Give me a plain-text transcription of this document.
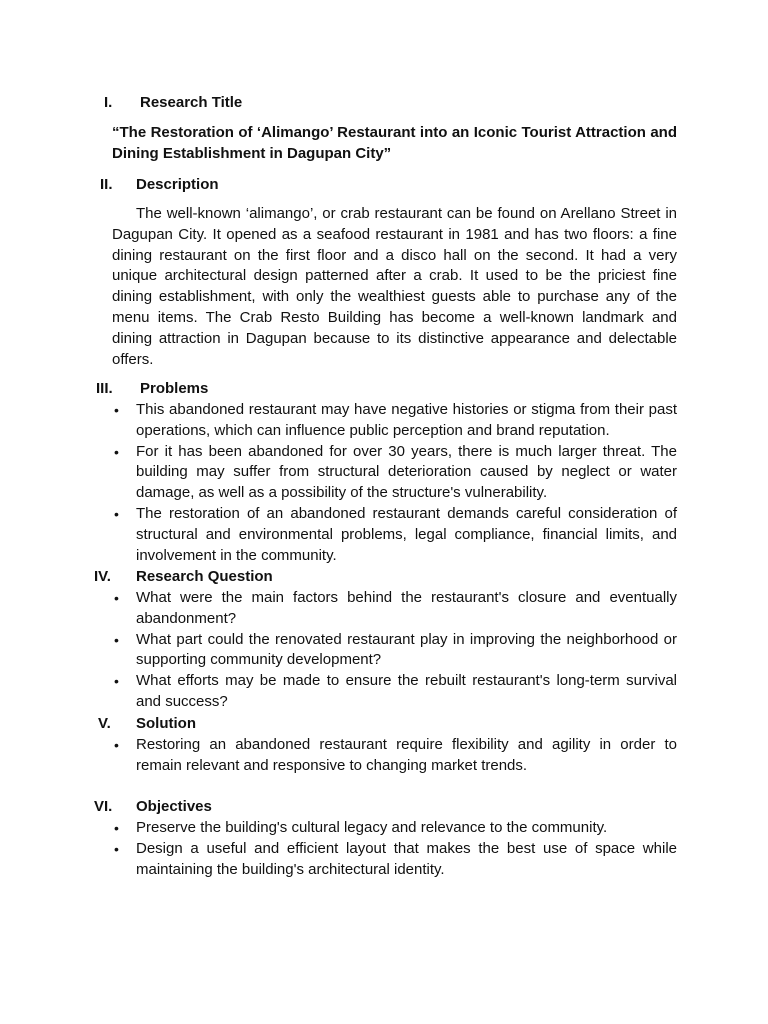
I. Research Title
“The Restoration of ‘Alimango’ Restaurant into an Iconic Tourist Attraction and Dining Establishment in Dagupan City”
II. Description

The well-known ‘alimango’, or crab restaurant can be found on Arellano Street in Dagupan City. It opened as a seafood restaurant in 1981 and has two floors: a fine dining restaurant on the first floor and a disco hall on the second. It had a very unique architectural design patterned after a crab. It used to be the priciest fine dining establishment, with only the wealthiest guests able to purchase any of the menu items. The Crab Resto Building has become a well-known landmark and dining attraction in Dagupan because to its distinctive appearance and delectable offers.

III. Problems
• This abandoned restaurant may have negative histories or stigma from their past operations, which can influence public perception and brand reputation.
• For it has been abandoned for over 30 years, there is much larger threat. The building may suffer from structural deterioration caused by neglect or water damage, as well as a possibility of the structure's vulnerability.
• The restoration of an abandoned restaurant demands careful consideration of structural and environmental problems, legal compliance, financial limits, and involvement in the community.
IV. Research Question
• What were the main factors behind the restaurant's closure and eventually abandonment?
• What part could the renovated restaurant play in improving the neighborhood or supporting community development?
• What efforts may be made to ensure the rebuilt restaurant's long-term survival and success?
V. Solution
• Restoring an abandoned restaurant require flexibility and agility in order to remain relevant and responsive to changing market trends.
VI. Objectives
• Preserve the building's cultural legacy and relevance to the community.
• Design a useful and efficient layout that makes the best use of space while maintaining the building's architectural identity.
